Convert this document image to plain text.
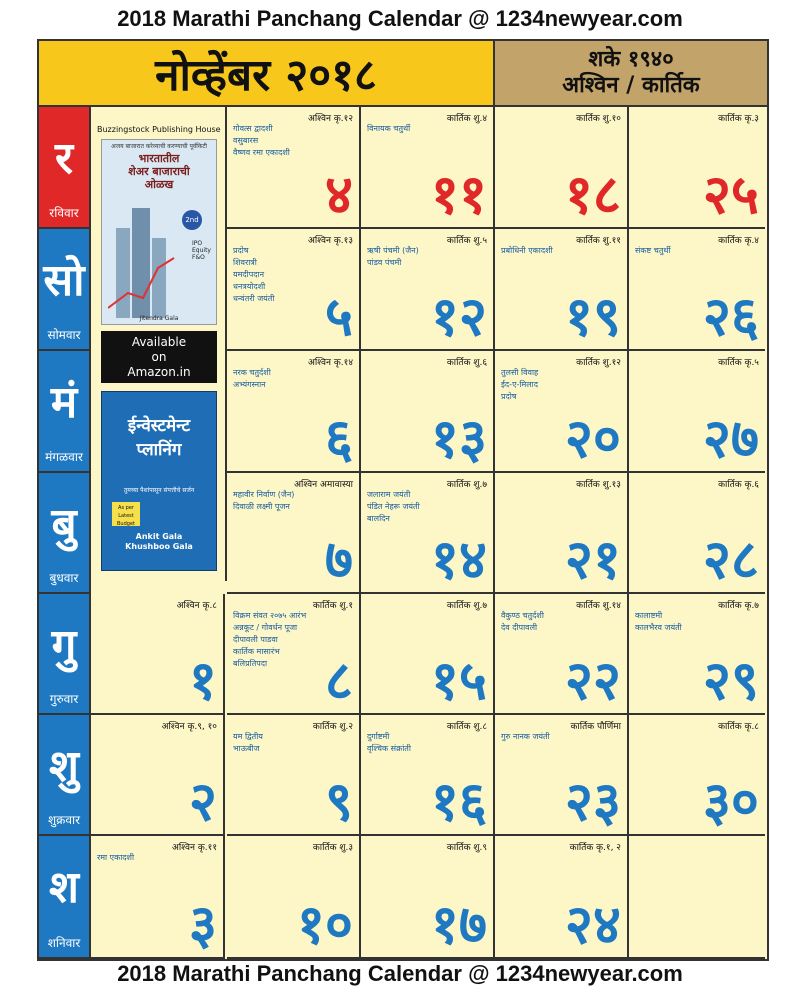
2018 Marathi Panchang Calendar @ 1234newyear.com
नोव्हेंबर २०१८	शके १९४०
अश्विन / कार्तिक
Buzzingstock Publishing House
अजय बाजारात करेव्याची करण्याची पूर्वकिटी
भारतातील
शेअर बाजाराची
ओळख
2nd
IPO
Equity
F&O
Jitendra Gala
Available
on
Amazon.in
ईन्वेस्टमेन्ट
प्लानिंग
तुमच्या पैशांपासून संपत्तीचे सर्जन
As per
Latest
Budget
Ankit Gala
Khushboo Gala
र
रविवार
सो
सोमवार
मं
मंगळवार
बु
बुधवार
गु
गुरुवार
शु
शुक्रवार
श
शनिवार
अश्विन कृ.१२
गोवत्स द्वादशी
वसुबारस
वैष्णव रमा एकादशी
४
कार्तिक शु.४
विनायक चतुर्थी
११
कार्तिक शु.१०
१८
कार्तिक कृ.३
२५
अश्विन कृ.१३
प्रदोष
शिवरात्री
यमदीपदान
धनत्रयोदशी
धन्वंतरी जयंती ५
कार्तिक शु.५
ऋषी पंचमी (जैन)
पांडव पंचमी
१२
कार्तिक शु.११
प्रबोधिनी एकादशी
१९
कार्तिक कृ.४
संकष्ट चतुर्थी
२६
अश्विन कृ.१४
नरक चतुर्दशी
अभ्यंगस्नान
६
कार्तिक शु.६
१३
कार्तिक शु.१२
तुलसी विवाह
ईद-ए-मिलाद
प्रदोष
२०
कार्तिक कृ.५
२७
अश्विन अमावास्या
महावीर निर्वाण (जैन)
दिवाळी लक्ष्मी पूजन
७
कार्तिक शु.७
जलाराम जयंती
पंडित नेहरू जयंती
बालदिन
१४
कार्तिक शु.१३
२१
कार्तिक कृ.६
२८
अश्विन कृ.८
१
कार्तिक शु.१
विक्रम संवत २०७५ आरंभ
अन्नकूट / गोवर्धन पूजा
दीपावली पाडवा
कार्तिक मासारंभ
बलिप्रतिपदा	८
कार्तिक शु.७
१५
कार्तिक शु.१४
वैकुण्ठ चतुर्दशी
देव दीपावली
२२
कार्तिक कृ.७
कालाष्टमी
कालभैरव जयंती
२९
अश्विन कृ.९, १०
२
कार्तिक शु.२
यम द्वितीय
भाऊबीज
९
कार्तिक शु.८
दुर्गाष्टमी
वृश्चिक संक्रांती
१६
कार्तिक पौर्णिमा
गुरु नानक जयंती
२३
कार्तिक कृ.८
३०
अश्विन कृ.११
रमा एकादशी
३
कार्तिक शु.३
१०
कार्तिक शु.९
१७
कार्तिक कृ.१, २
२४
2018 Marathi Panchang Calendar @ 1234newyear.com
